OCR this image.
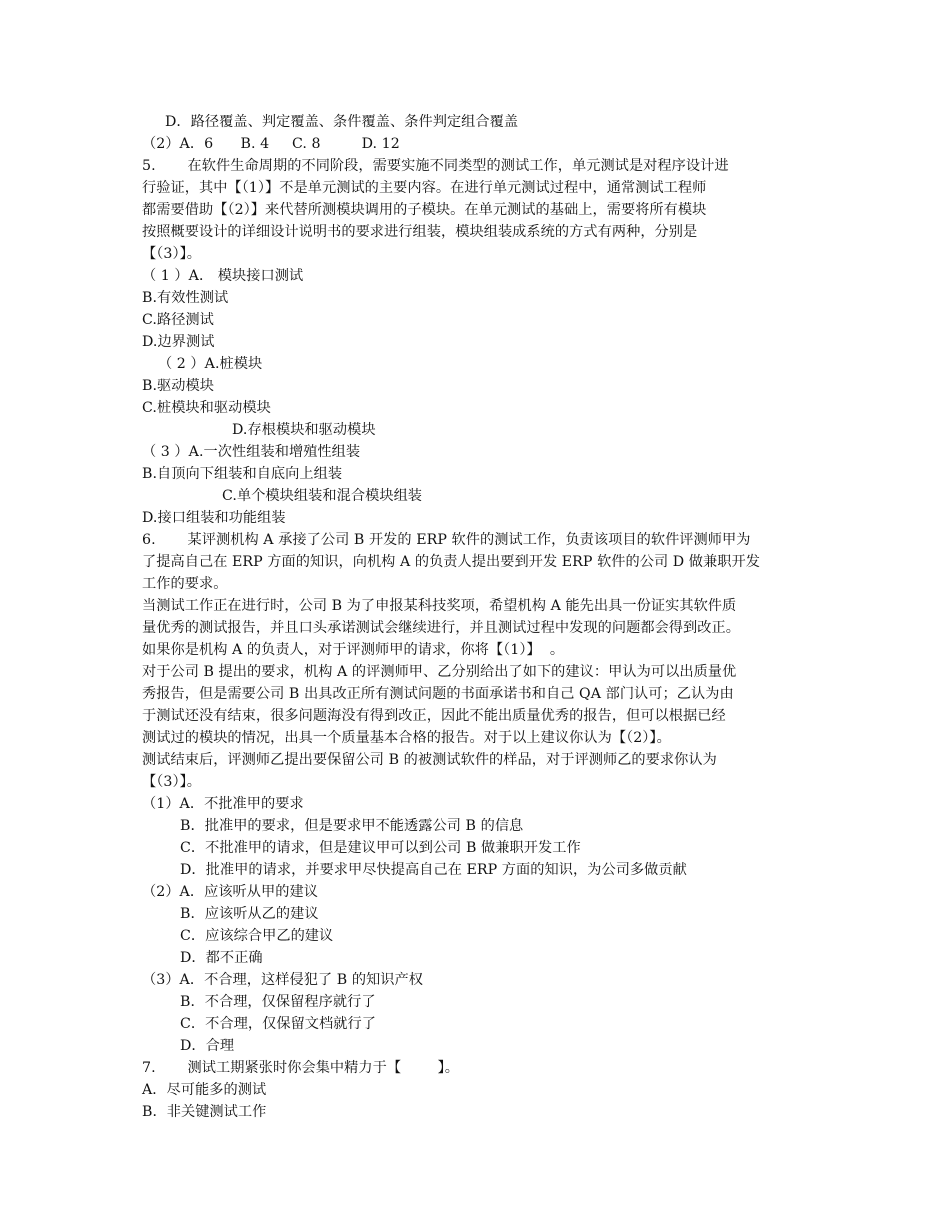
D．路径覆盖、判定覆盖、条件覆盖、条件判定组合覆盖
（2）A．6      B. 4     C. 8         D. 12
5.       在软件生命周期的不同阶段，需要实施不同类型的测试工作，单元测试是对程序设计进
行验证，其中【（1）】不是单元测试的主要内容。在进行单元测试过程中，通常测试工程师
都需要借助【（2）】来代替所测模块调用的子模块。在单元测试的基础上，需要将所有模块
按照概要设计的详细设计说明书的要求进行组装，模块组装成系统的方式有两种，分别是
【（3）】。
（ 1 ）A． 模块接口测试
B.有效性测试
C.路径测试
D.边界测试
（ 2 ）A.桩模块
B.驱动模块
C.桩模块和驱动模块
D.存根模块和驱动模块
（ 3 ）A.一次性组装和增殖性组装
B.自顶向下组装和自底向上组装
C.单个模块组装和混合模块组装
D.接口组装和功能组装
6.       某评测机构 A 承接了公司 B 开发的 ERP 软件的测试工作，负责该项目的软件评测师甲为
了提高自己在 ERP 方面的知识，向机构 A 的负责人提出要到开发 ERP 软件的公司 D 做兼职开发
工作的要求。
当测试工作正在进行时，公司 B 为了申报某科技奖项，希望机构 A 能先出具一份证实其软件质
量优秀的测试报告，并且口头承诺测试会继续进行，并且测试过程中发现的问题都会得到改正。
如果你是机构 A 的负责人，对于评测师甲的请求，你将【（1）】  。
对于公司 B 提出的要求，机构 A 的评测师甲、乙分别给出了如下的建议：甲认为可以出质量优
秀报告，但是需要公司 B 出具改正所有测试问题的书面承诺书和自己 QA 部门认可；乙认为由
于测试还没有结束，很多问题海没有得到改正，因此不能出质量优秀的报告，但可以根据已经
测试过的模块的情况，出具一个质量基本合格的报告。对于以上建议你认为【（2）】。
测试结束后，评测师乙提出要保留公司 B 的被测试软件的样品，对于评测师乙的要求你认为
【（3）】。
（1）A．不批准甲的要求
B．批准甲的要求，但是要求甲不能透露公司 B 的信息
C．不批准甲的请求，但是建议甲可以到公司 B 做兼职开发工作
D．批准甲的请求，并要求甲尽快提高自己在 ERP 方面的知识，为公司多做贡献
（2）A．应该听从甲的建议
B．应该听从乙的建议
C．应该综合甲乙的建议
D．都不正确
（3）A．不合理，这样侵犯了 B 的知识产权
B．不合理，仅保留程序就行了
C．不合理，仅保留文档就行了
D．合理
7.       测试工期紧张时你会集中精力于【        】。
A．尽可能多的测试
B．非关键测试工作
